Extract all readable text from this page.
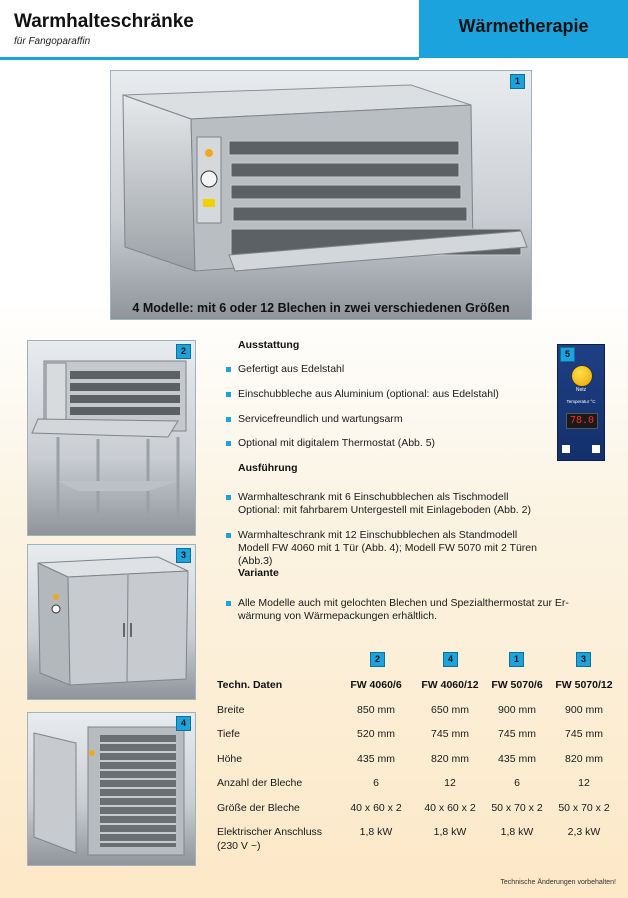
Warmhalteschränke
für Fangoparaffin
Wärmetherapie
1
4 Modelle: mit 6 oder 12 Blechen in zwei verschiedenen Größen
2
3
4
5
Netz
Temperatur °C
78.0
Ausstattung
Gefertigt aus Edelstahl
Einschubbleche aus Aluminium (optional: aus Edelstahl)
Servicefreundlich und wartungsarm
Optional mit digitalem Thermostat (Abb. 5)
Ausführung
Warmhalteschrank mit 6 Einschubblechen als Tischmodell
Optional: mit fahrbarem Untergestell mit Einlageboden (Abb. 2)
Warmhalteschrank mit 12 Einschubblechen als Standmodell
Modell FW 4060 mit 1 Tür (Abb. 4); Modell FW 5070 mit 2 Türen (Abb.3)
Variante
Alle Modelle auch mit gelochten Blechen und Spezialthermostat zur Er-
wärmung von Wärmepackungen erhältlich.
2	4	1	3
Techn. Daten	FW 4060/6	FW 4060/12	FW 5070/6	FW 5070/12
Breite	850 mm	650 mm	900 mm	900 mm
Tiefe	520 mm	745 mm	745 mm	745 mm
Höhe	435 mm	820 mm	435 mm	820 mm
Anzahl der Bleche	6	12	6	12
Größe der Bleche	40 x 60 x 2	40 x 60 x 2	50 x 70 x 2	50 x 70 x 2
Elektrischer Anschluss	1,8 kW	1,8 kW	1,8 kW	2,3 kW
(230 V ~)
Technische Änderungen vorbehalten!
